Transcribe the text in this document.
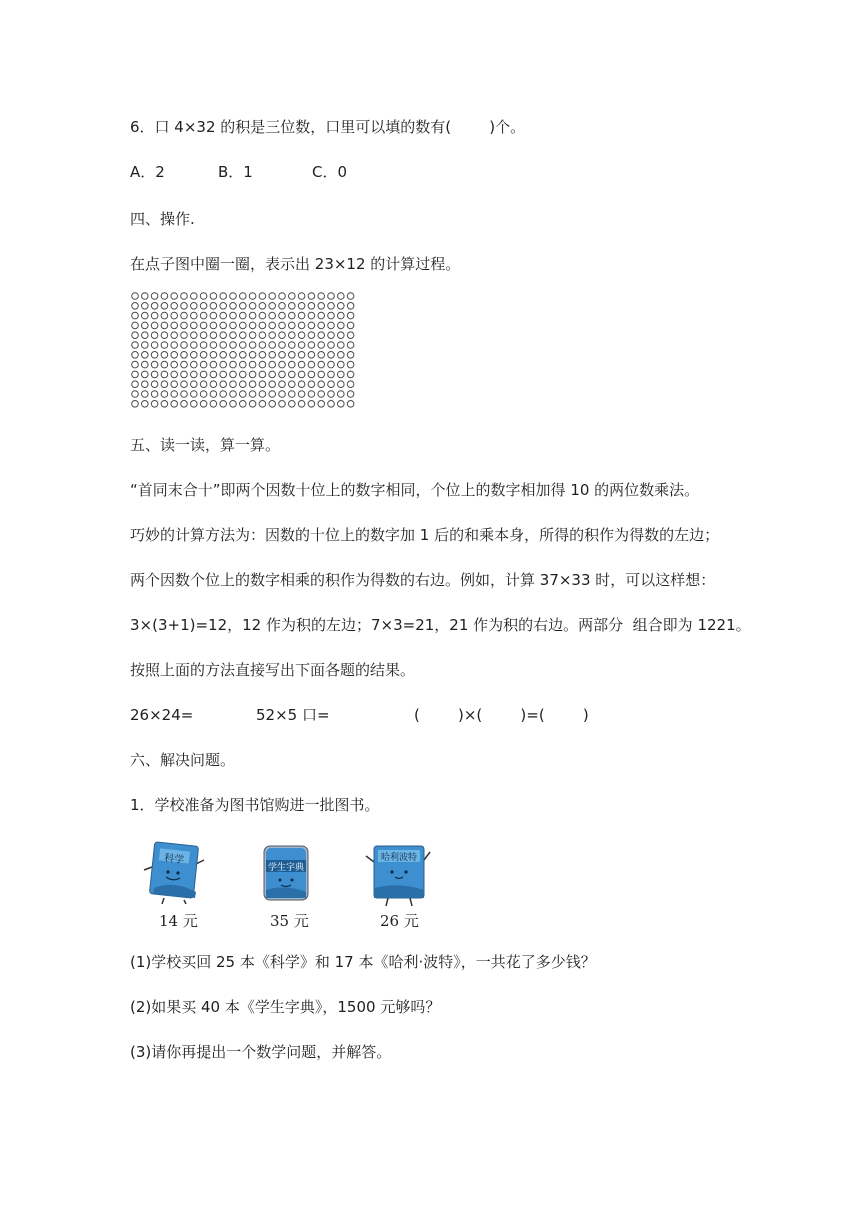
6．口 4×32 的积是三位数，口里可以填的数有(        )个。

A．2

	B．1

	C．0

四、操作.
在点子图中圈一圈，表示出 23×12 的计算过程。
五、读一读，算一算。
“首同末合十”即两个因数十位上的数字相同，个位上的数字相加得 10 的两位数乘法。
巧妙的计算方法为：因数的十位上的数字加 1 后的和乘本身，所得的积作为得数的左边；
两个因数个位上的数字相乘的积作为得数的右边。例如，计算 37×33 时，可以这样想：
3×(3+1)=12，12 作为积的左边；7×3=21，21 作为积的右边。两部分  组合即为 1221。
按照上面的方法直接写出下面各题的结果。

26×24=

	52×5 口=

	(        )×(        )=(        )

六、解决问题。
1．学校准备为图书馆购进一批图书。
科学
14 元
学生字典
35 元
哈利波特
26 元
(1)学校买回 25 本《科学》和 17 本《哈利·波特》，一共花了多少钱？
(2)如果买 40 本《学生字典》，1500 元够吗？
(3)请你再提出一个数学问题，并解答。
